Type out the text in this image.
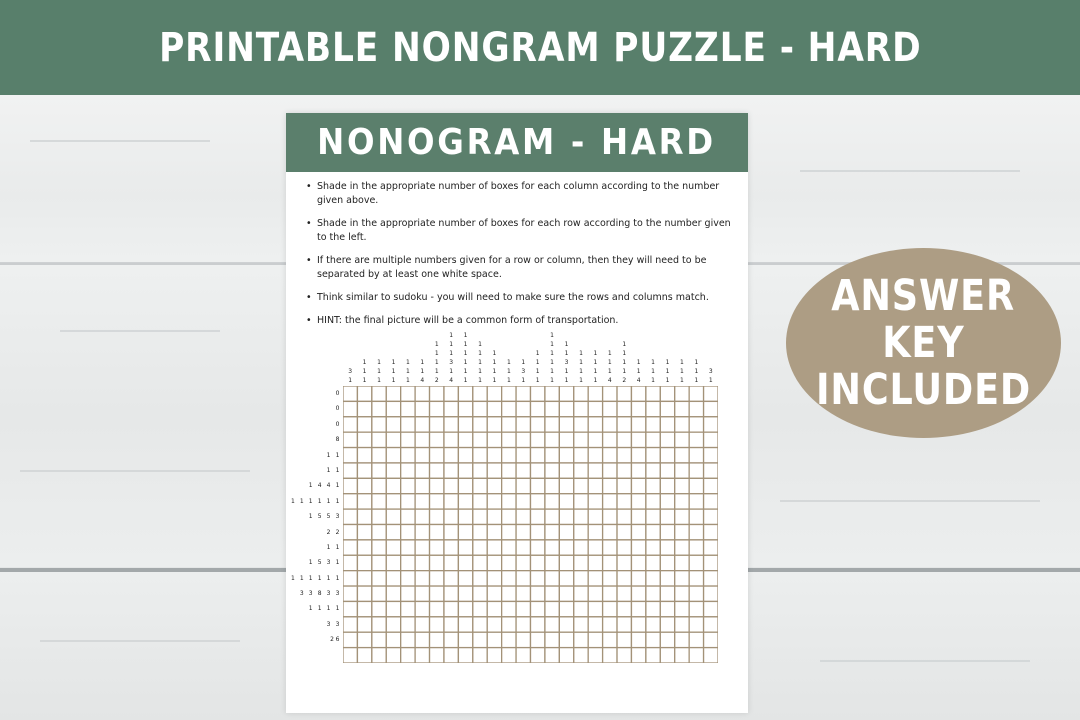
PRINTABLE NONGRAM PUZZLE - HARD
NONOGRAM - HARD
• Shade in the appropriate number of boxes for each column according to the number given above.
• Shade in the appropriate number of boxes for each row according to the number given to the left.
• If there are multiple numbers given for a row or column, then they will need to be separated by at least one white space.
• Think similar to sudoku - you will need to make sure the rows and columns match.
• HINT: the final picture will be a common form of transportation.
3
1
1
1
1
1
1
1
1
1
1
1
1
1
1
1
4
1
1
1
1
2
1
1
1
3
1
4
1
1
1
1
1
1
1
1
1
1
1
1
1
1
1
1
1
1
1
3
1
1
1
1
1
1
1
1
1
1
1
1
1
3
1
1
1
1
1
1
1
1
1
1
1
1
1
4
1
1
1
1
2
1
1
4
1
1
1
1
1
1
1
1
1
1
1
1
3
1
0
0
0
8
1 1
1 1
1 4 4 1
1 1 1 1 1 1
1 5 5 3
2 2
1 1
1 5 3 1
1 1 1 1 1 1
3 3 8 3 3
1 1 1 1
3 3
26
ANSWER
KEY
INCLUDED
